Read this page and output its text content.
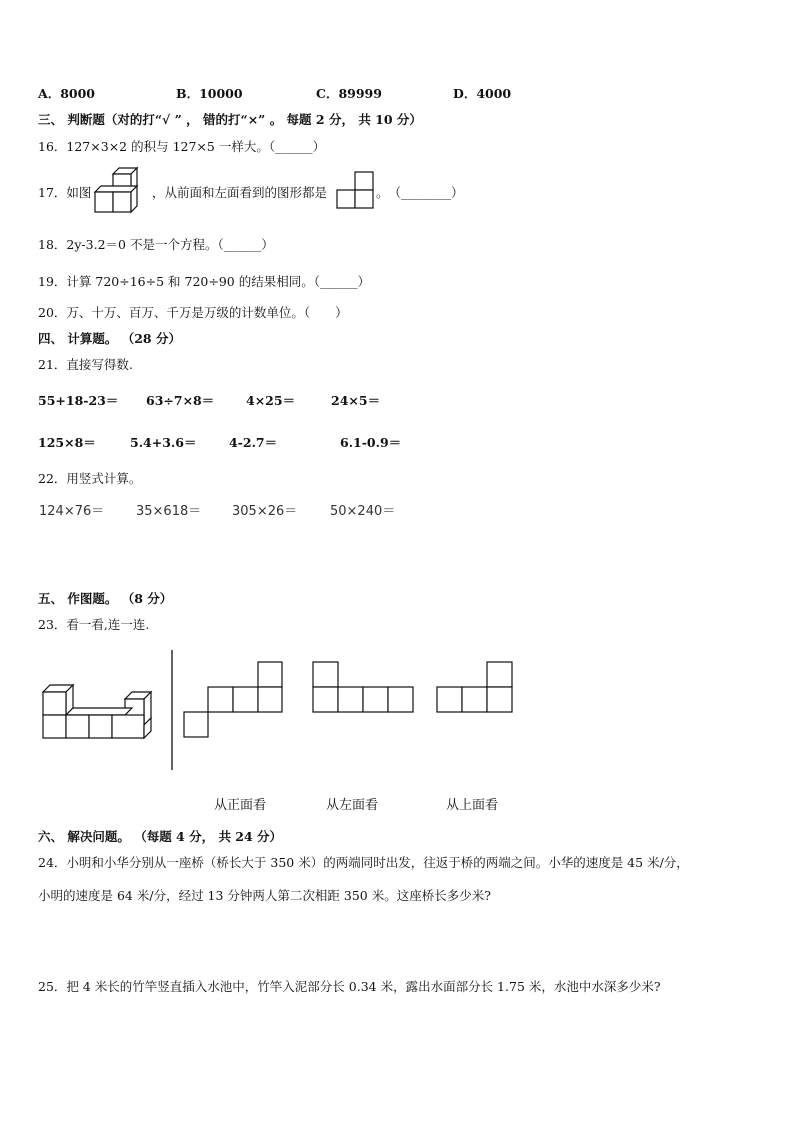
A．8000	B．10000	C．89999	D．4000
三、 判断题（对的打“√ ” ， 错的打“×” 。 每题 2 分， 共 10 分）
16．127×3×2 的积与 127×5 一样大。（______）
17．如图	，从前面和左面看到的图形都是	。　（________）
18．2y-3.2＝0 不是一个方程。（______）
19．计算 720÷16÷5 和 720÷90 的结果相同。（______）
20．万、十万、百万、千万是万级的计数单位。（　　）
四、 计算题。 （28 分）
21．直接写得数.
55+18-23＝ 63÷7×8＝	4×25＝	24×5＝
125×8＝	5.4+3.6＝	4-2.7＝	6.1-0.9＝
22．用竖式计算。
124×76＝ 35×618＝ 305×26＝	50×240＝
五、 作图题。 （8 分）
23．看一看,连一连.
从正面看	从左面看	从上面看
六、 解决问题。 （每题 4 分， 共 24 分）
24．小明和小华分别从一座桥（桥长大于 350 米）的两端同时出发，往返于桥的两端之间。小华的速度是 45 米/分，
小明的速度是 64 米/分，经过 13 分钟两人第二次相距 350 米。这座桥长多少米?
25．把 4 米长的竹竿竖直插入水池中，竹竿入泥部分长 0.34 米，露出水面部分长 1.75 米，水池中水深多少米?
